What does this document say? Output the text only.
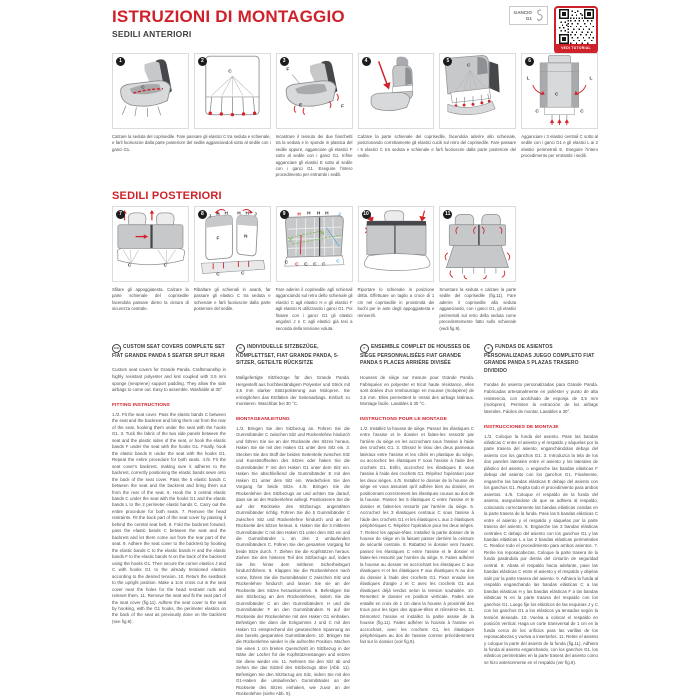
GANCIO
G1
VEDI TUTORIAL
ISTRUZIONI DI MONTAGGIO
SEDILI ANTERIORI
1
C
2
C
3
F
E	F
4	5
C
6
L	L
C
C	C
Calzare la seduta del coprisedile. Fare passare gli elastici C tra seduta e schienale, e farli fuoriuscire dalla parte posteriore del sedile agganciandoli sotto al sedile con i ganci G1.
Incastrare il tessuto dei due fianchetti tra la seduta e le sponde in plastica del sedile oppure, agganciare gli elastici F sotto al sedile con i ganci G1. Infine agganciare gli elastici E sotto al sedile con i ganci G1. Eseguire l'intero procedimento per entrambi i sedili.
Calzare la parte schienale del coprisedile, facendola aderire allo schienale, posizionando correttamente gli elastici cuciti sul retro del coprisedile. Fare passare i 5 elastici C tra seduta e schienale e farli fuoriuscire dalla parte posteriore del sedile.
Agganciare i 3 elastici centrali C sotto al sedile con i ganci G1 e gli elastici L ai 2 elastici perimetrali E. Eseguire l'intero procedimento per entrambi i sedili.
SEDILI POSTERIORI
7
C	C
8
J H H H H J
F
N
C	C
9 J H H H H J
E
N
C C C C C C
10	11
Sfilare gli appoggiatesta. Calzare la parte schienale del coprisedile facendola passare dietro la cintura di sicurezza centrale.
Ribaltare gli schienali in avanti, far passare gli elastici C tra seduta e schienale e farli fuoriuscire dalla parte posteriore del sedile.
Fare aderire il coprisedile agli schienali agganciando sul retro dello schienale gli elastici C agli elastici H e gli elastici F agli elastici N utilizzando i ganci G1. Poi fissare con i ganci G1 gli elastici angolari J e C agli elastici già tesi a seconda della tensione voluta.
Riportare lo schienale in posizione dritta. Effettuare un taglio a croce di 1 cm nel coprisedile in prossimità dei buchi per le aste degli appoggiatesta e reinserirli.
Smontare la seduta e calzare la parte sedile del coprisedile (fig.11). Fare aderire il coprisedile alla seduta agganciando, con i ganci G1, gli elastici perimetrali sul retro della seduta come precedentemente fatto sullo schienale (vedi fig.9).
GB CUSTOM SEAT COVERS COMPLETE SET FIAT GRANDE PANDA 5 SEATER SPLIT REAR
Custom seat covers for Grande Panda. Craftsmanship in highly resistant polyester and knit coupled with 3.5 mm sponge (neoprene) support padding. They allow the side airbags to come out. Easy to assemble. Washable at 30°.
FITTING INSTRUCTIONS
1./2. Fit the seat cover. Pass the elastic bands C between the seat and the backrest and bring them out from the rear of the seat, hooking them under the seat with the hooks G1. 3. Tuck the fabric of the two side panels between the seat and the plastic sides of the seat, or hook the elastic bands F under the seat with the hooks G1. Finally, hook the elastic bands E under the seat with the hooks G1. Repeat the entire procedure for both seats. 4./5. Fit the seat cover's backrest, making sure it adheres to the backrest, correctly positioning the elastic bands sewn onto the back of the seat cover. Pass the 5 elastic bands C between the seat and the backrest and bring them out from the rear of the seat. 6. Hook the 3 central elastic bands C under the seat with the hooks G1 and the elastic bands L to the 2 perimeter elastic bands C. Carry out the entire procedure for both seats. 7. Remove the head restraints. Fit the back part of the seat cover by passing it behind the central seat belt. 8. Fold the backrest forward, pass the elastic bands C between the seat and the backrest and let them come out from the rear part of the seat. 9. Adhere the seat cover to the backrest by hooking the elastic bands C to the elastic bands H and the elastic bands F to the elastic bands N on the back of the backrest using the hooks G1. Then secure the corner elastics J and C with hooks G1 to the already tensioned elastics according to the desired tension. 10. Return the seatback to the upright position. Make a 1cm cross cut in the seat cover near the holes for the head restraint rods and reinsert them. 11. Remove the seat and fit the seat part of the seat cover (fig.11). Adhere the seat cover to the seat by hooking, with the G1 hooks, the perimeter elastics on the back of the seat as previously done on the backrest (see fig.9).
D INDIVIDUELLE SITZBEZÜGE, KOMPLETTSET, FIAT GRANDE PANDA, 5-SITZER, GETEILTE RÜCKSITZE
Maßgefertigte Sitzbezüge für den Grande Panda. Hergestellt aus hochbeständigem Polyester und Strick mit 3,5 mm starker Stützpolsterung aus Molopren. Sie ermöglichen das Entfalten der Seitenairbags. Einfach zu montieren. Waschbar bei 30 °C.
MONTAGEANLEITUNG
1./2. Bringen Sie den Sitzbezug an. Führen Sie die Gummibänder C zwischen Sitz und Rückenlehne hindurch und führen Sie sie an der Rückseite des Sitzes heraus. Haken Sie sie mit den Haken G1 unter dem Sitz ein. 3. Stecken Sie den Stoff der beiden Seitenteile zwischen Sitz und Kunststoffseiten des Sitzes oder haken Sie die Gummibänder F mit den Haken G1 unter dem Sitz ein. Haken Sie abschließend die Gummibänder E mit den Haken G1 unter dem Sitz ein. Wiederholen Sie den Vorgang für beide Sitze. 4./5. Bringen Sie die Rückenlehne des Sitzbezugs an und achten Sie darauf, dass sie an der Rückenlehne anliegt. Positionieren Sie die auf der Rückseite des Sitzbezugs angenähten Gummibänder richtig. Führen Sie die 5 Gummibänder C zwischen Sitz und Rückenlehne hindurch und an der Rückseite des Sitzes heraus. 6. Haken Sie die 3 mittleren Gummibänder C mit den Haken G1 unter dem Sitz ein und die Gummibänder L an den 2 umlaufenden Gummibändern C. Führen Sie den gesamten Vorgang für beide Sitze durch. 7. Ziehen Sie die Kopfstützen heraus. Ziehen Sie den hinteren Teil des Sitzbezugs auf, indem Sie ihn hinter dem mittleren Sicherheitsgurt hindurchführen. 8. Klappen Sie die Rückenlehnen nach vorne, führen Sie die Gummibänder C zwischen Sitz und Rückenlehne hindurch und lassen Sie sie an der Rückseite des Sitzes herauskommen. 9. Befestigen Sie den Sitzbezug an den Rückenlehnen, indem Sie die Gummibänder C an den Gummibändern H und die Gummibänder F an den Gummibändern N auf der Rückseite der Rückenlehne mit den Haken G1 einhaken. Befestigen Sie dann die Eckgummis J und C mit den Haken G1 entsprechend der gewünschten Spannung an den bereits gespannten Gummibändern. 10. Bringen Sie die Rückenlehne wieder in die aufrechte Position. Machen Sie einen 1 cm breiten Querschnitt im Sitzbezug in der Nähe der Löcher für die Kopfstützenstangen und setzen Sie diese wieder ein. 11. Nehmen Sie den Sitz ab und ziehen Sie das Sitzteil des Sitzbezugs über (Abb. 11). Befestigen Sie den Sitzbezug am Sitz, indem Sie mit den G1-Haken die umlaufenden Gummibänder an der Rückseite des Sitzes einhaken, wie zuvor an der Rückenlehne (siehe Abb. 9).
F ENSEMBLE COMPLET DE HOUSSES DE SIÈGE PERSONNALISÉES FIAT GRANDE PANDA 5 PLACES ARRIÈRE DIVISÉE
Housses de siège sur mesure pour Grande Panda. Fabriquées en polyester et tricot haute résistance, elles sont dotées d'un rembourrage en mousse (molopène) de 3,5 mm. Elles permettent le retrait des airbags latéraux. Montage facile. Lavables à 30 °C.
INSTRUCTIONS POUR LE MONTAGE
1./2. Installez la housse de siège. Passez les élastiques C entre l'assise et le dossier et faites-les ressortir par l'arrière du siège en les accrochant sous l'assise à l'aide des crochets G1. 3. Glissez le tissu des deux panneaux latéraux entre l'assise et les côtés en plastique du siège, ou accrochez les élastiques F sous l'assise à l'aide des crochets G1. Enfin, accrochez les élastiques E sous l'assise à l'aide des crochets G1. Répétez l'opération pour les deux sièges. 4./5. Installez le dossier de la housse de siège en vous assurant qu'il adhère bien au dossier, en positionnant correctement les élastiques cousus au dos de la housse. Passez les 5 élastiques C entre l'assise et le dossier et faites-les ressortir par l'arrière du siège. 6. Accrochez les 3 élastiques centraux C sous l'assise à l'aide des crochets G1 et les élastiques L aux 2 élastiques périphériques C. Répétez l'opération pour les deux sièges. 7. Retirez les appuie-têtes. Installez la partie dossier de la housse de siège en la faisant passer derrière la ceinture de sécurité centrale. 8. Rabattez le dossier vers l'avant, passez les élastiques C entre l'assise et le dossier et faites-les ressortir par l'arrière du siège. 9. Faites adhérer la housse au dossier en accrochant les élastiques C aux élastiques H et les élastiques F aux élastiques N au dos du dossier à l'aide des crochets G1. Fixez ensuite les élastiques d'angle J et C avec les crochets G1 aux élastiques déjà tendus selon la tension souhaitée. 10. Remettez le dossier en position verticale. Faites une entaille en croix de 1 cm dans la housse à proximité des trous pour les tiges des appuie-têtes et réinsérez-les. 11. Démontez l'assise et installez la partie assise de la housse (fig.11). Faites adhérer la housse à l'assise en accrochant, avec les crochets G1, les élastiques périphériques au dos de l'assise comme précédemment fait sur le dossier (voir fig.9).
E FUNDAS DE ASIENTOS PERSONALIZADAS JUEGO COMPLETO FIAT GRANDE PANDA 5 PLAZAS TRASERO DIVIDIDO
Fundas de asiento personalizadas para Grande Panda. Fabricadas artesanalmente en poliéster y punto de alta resistencia, con acolchado de esponja de 3,5 mm (molopren). Permiten la extracción de los airbags laterales. Fáciles de montar. Lavables a 30°.
INSTRUCCIONES DE MONTAJE
1./2. Coloque la funda del asiento. Pase las bandas elásticas C entre el asiento y el respaldo y sáquelas por la parte trasera del asiento, enganchándolas debajo del asiento con los ganchos G1. 3. Introduzca la tela de los dos paneles laterales entre el asiento y los laterales de plástico del asiento, o enganche las bandas elásticas F debajo del asiento con los ganchos G1. Finalmente, enganche las bandas elásticas E debajo del asiento con los ganchos G1. Repita todo el procedimiento para ambos asientos. 4./5. Coloque el respaldo de la funda del asiento, asegurándose de que se adhiera al respaldo, colocando correctamente las bandas elásticas cosidas en la parte trasera de la funda. Pase las 5 bandas elásticas C entre el asiento y el respaldo y sáquelas por la parte trasera del asiento. 6. Enganche las 3 bandas elásticas centrales C debajo del asiento con los ganchos G1 y las bandas elásticas L a las 2 bandas elásticas perimetrales C. Realice todo el procedimiento para ambos asientos. 7. Retire los reposacabezas. Coloque la parte trasera de la funda pasándola por detrás del cinturón de seguridad central. 8. Abata el respaldo hacia adelante, pase las bandas elásticas C entre el asiento y el respaldo y déjelas salir por la parte trasera del asiento. 9. Adhiera la funda al respaldo enganchando las bandas elásticas C a las bandas elásticas H y las bandas elásticas F a las bandas elásticas N en la parte trasera del respaldo con los ganchos G1. Luego fije los elásticos de las esquinas J y C con los ganchos G1 a los elásticos ya tensados según la tensión deseada. 10. Vuelva a colocar el respaldo en posición vertical. Haga un corte transversal de 1 cm en la funda cerca de los orificios para las varillas de los reposacabezas y vuelva a insertarlos. 11. Retire el asiento y coloque la parte del asiento de la funda (fig.11). Adhiera la funda al asiento enganchando, con los ganchos G1, los elásticos perimetrales en la parte trasera del asiento como se hizo anteriormente en el respaldo (ver fig.9).
